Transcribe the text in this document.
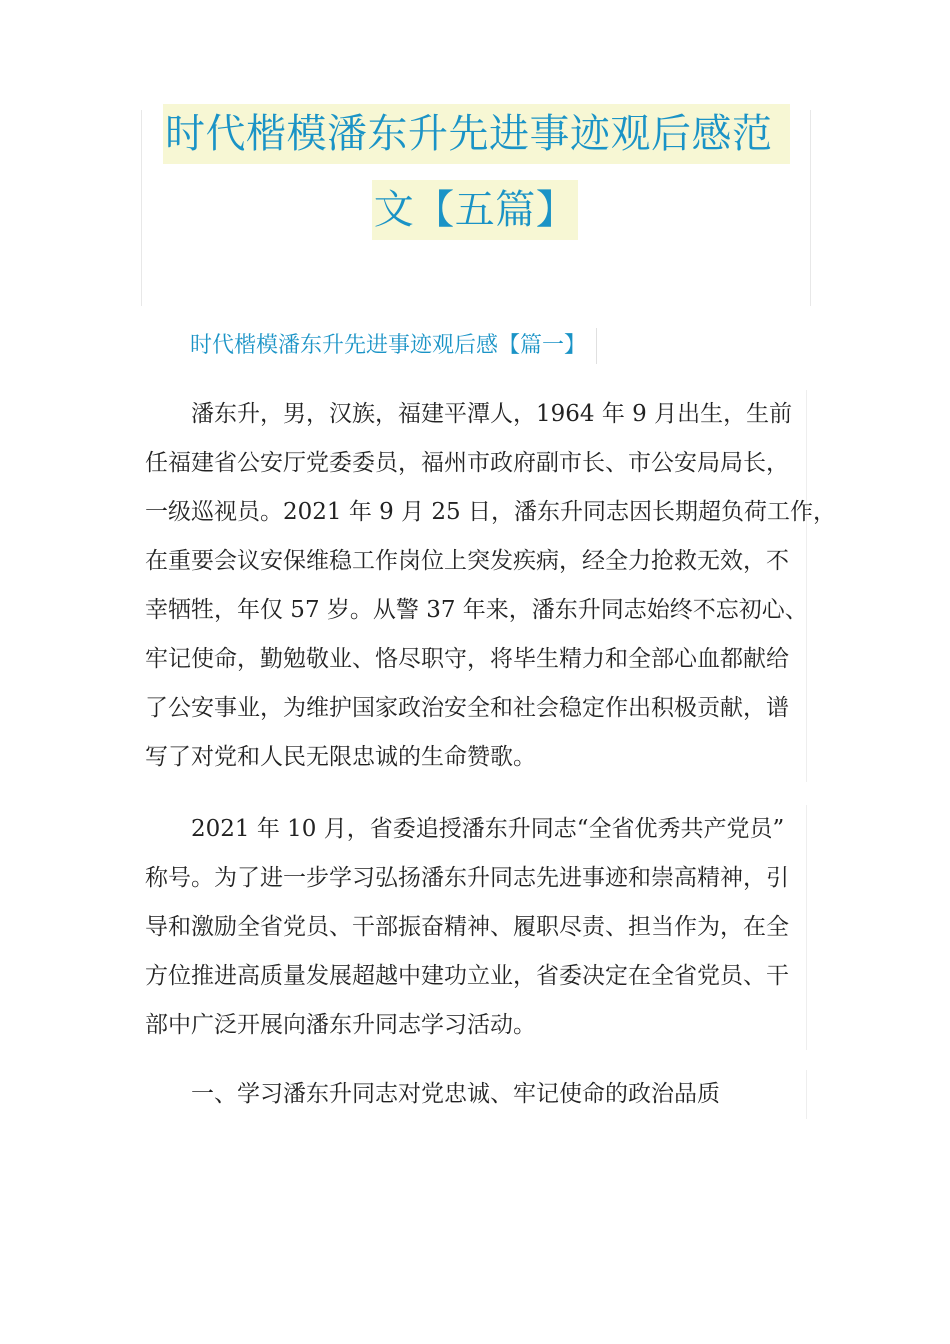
时代楷模潘东升先进事迹观后感范
文【五篇】
时代楷模潘东升先进事迹观后感【篇一】
潘东升，男，汉族，福建平潭人，1964 年 9 月出生，生前
任福建省公安厅党委委员，福州市政府副市长、市公安局局长，
一级巡视员。2021 年 9 月 25 日，潘东升同志因长期超负荷工作，
在重要会议安保维稳工作岗位上突发疾病，经全力抢救无效，不
幸牺牲，年仅 57 岁。从警 37 年来，潘东升同志始终不忘初心、
牢记使命，勤勉敬业、恪尽职守，将毕生精力和全部心血都献给
了公安事业，为维护国家政治安全和社会稳定作出积极贡献，谱
写了对党和人民无限忠诚的生命赞歌。
2021 年 10 月，省委追授潘东升同志“全省优秀共产党员”
称号。为了进一步学习弘扬潘东升同志先进事迹和崇高精神，引
导和激励全省党员、干部振奋精神、履职尽责、担当作为，在全
方位推进高质量发展超越中建功立业，省委决定在全省党员、干
部中广泛开展向潘东升同志学习活动。
一、学习潘东升同志对党忠诚、牢记使命的政治品质
